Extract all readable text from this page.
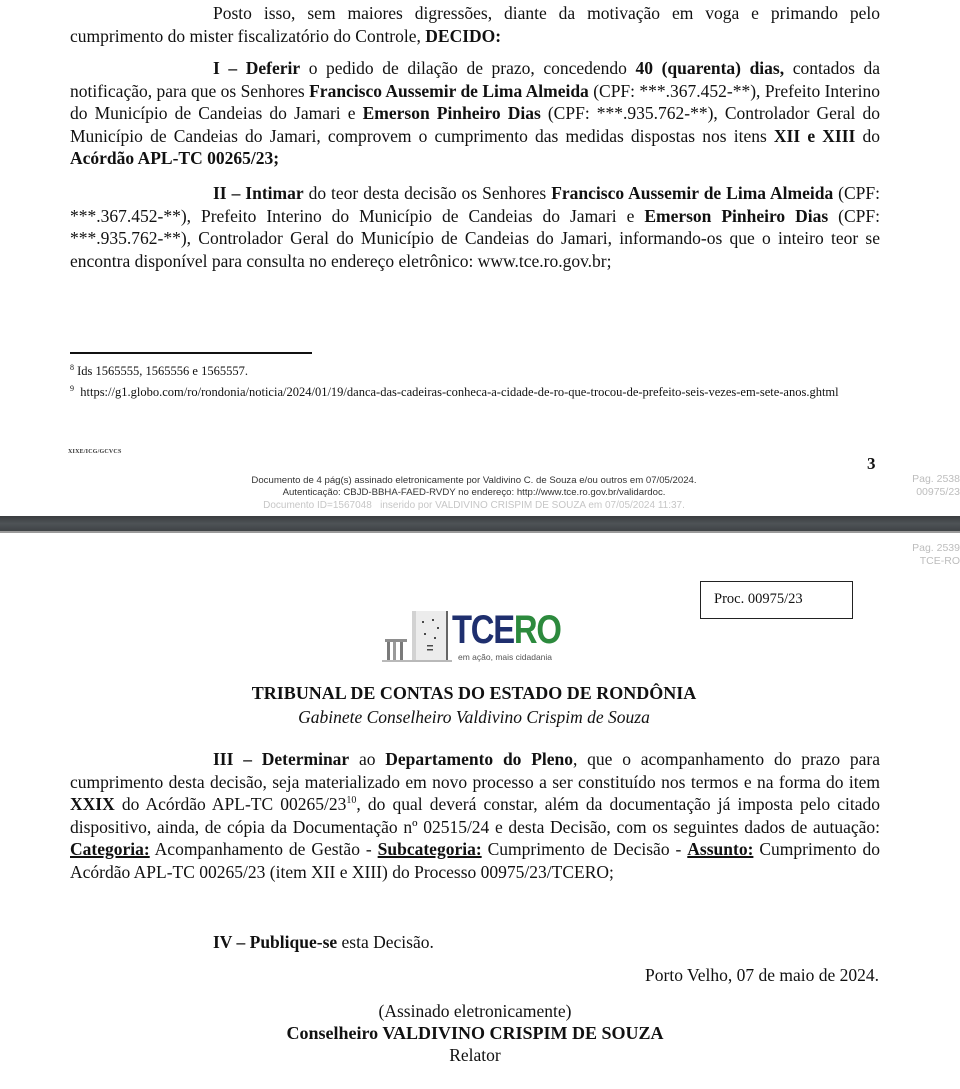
Posto isso, sem maiores digressões, diante da motivação em voga e primando pelo cumprimento do mister fiscalizatório do Controle, DECIDO:

I – Deferir o pedido de dilação de prazo, concedendo 40 (quarenta) dias, contados da notificação, para que os Senhores Francisco Aussemir de Lima Almeida (CPF: ***.367.452-**), Prefeito Interino do Município de Candeias do Jamari e Emerson Pinheiro Dias (CPF: ***.935.762-**), Controlador Geral do Município de Candeias do Jamari, comprovem o cumprimento das medidas dispostas nos itens XII e XIII do Acórdão APL-TC 00265/23;

II – Intimar do teor desta decisão os Senhores Francisco Aussemir de Lima Almeida (CPF: ***.367.452-**), Prefeito Interino do Município de Candeias do Jamari e Emerson Pinheiro Dias (CPF: ***.935.762-**), Controlador Geral do Município de Candeias do Jamari, informando-os que o inteiro teor se encontra disponível para consulta no endereço eletrônico: www.tce.ro.gov.br;

$^8$ Ids 1565555, 1565556 e 1565557.
$^9$ https://g1.globo.com/ro/rondonia/noticia/2024/01/19/danca-das-cadeiras-conheca-a-cidade-de-ro-que-trocou-de-prefeito-seis-vezes-em-sete-anos.ghtml
XIXE/ICG/GCVCS
3
Documento de 4 pág(s) assinado eletronicamente por Valdivino C. de Souza e/ou outros em 07/05/2024.
Autenticação: CBJD-BBHA-FAED-RVDY no endereço: http://www.tce.ro.gov.br/validardoc.
Documento ID=1567048   inserido por VALDIVINO CRISPIM DE SOUZA em 07/05/2024 11:37.
Pag. 2538
00975/23
Pag. 2539
TCE-RO
Proc. 00975/23
TCERO
em ação, mais cidadania
TRIBUNAL DE CONTAS DO ESTADO DE RONDÔNIA
Gabinete Conselheiro Valdivino Crispim de Souza

III – Determinar ao Departamento do Pleno, que o acompanhamento do prazo para cumprimento desta decisão, seja materializado em novo processo a ser constituído nos termos e na forma do item XXIX do Acórdão APL-TC $00265/23^{10}$, do qual deverá constar, além da documentação já imposta pelo citado dispositivo, ainda, de cópia da Documentação nº 02515/24 e desta Decisão, com os seguintes dados de autuação: Categoria: Acompanhamento de Gestão - Subcategoria: Cumprimento de Decisão - Assunto: Cumprimento do Acórdão APL-TC 00265/23 (item XII e XIII) do Processo 00975/23/TCERO;

IV – Publique-se esta Decisão.

Porto Velho, 07 de maio de 2024.
(Assinado eletronicamente)
Conselheiro VALDIVINO CRISPIM DE SOUZA
Relator
